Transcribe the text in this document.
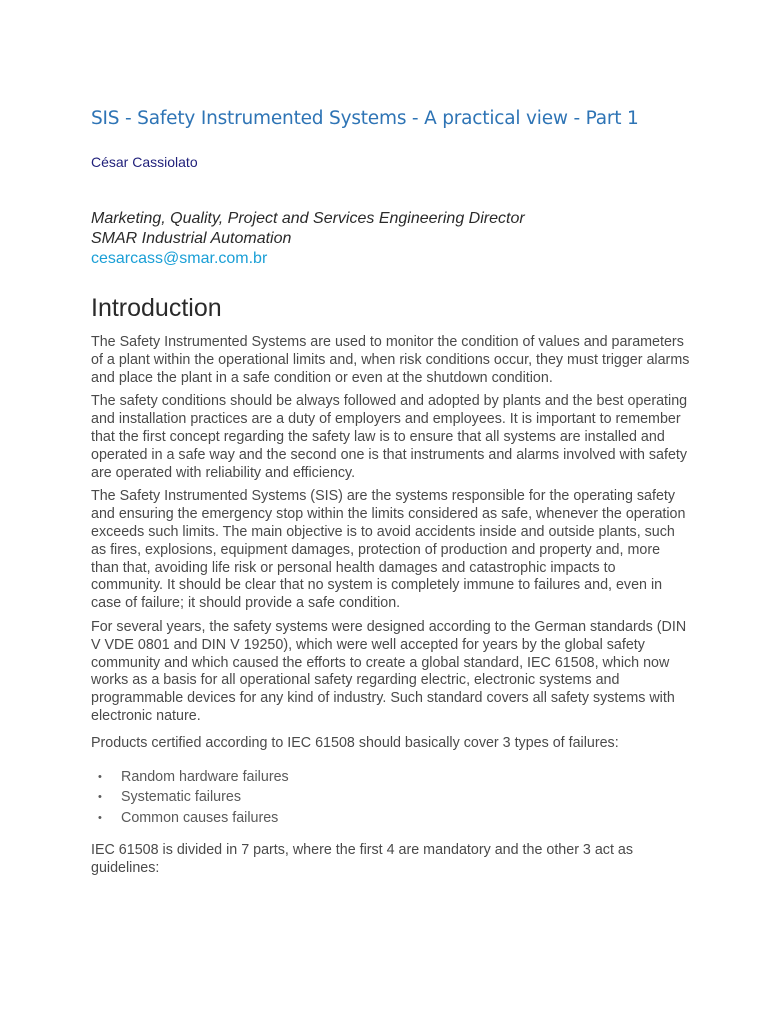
SIS - Safety Instrumented Systems - A practical view - Part 1

César Cassiolato

Marketing, Quality, Project and Services Engineering Director
SMAR Industrial Automation

cesarcass@smar.com.br
Introduction

The Safety Instrumented Systems are used to monitor the condition of values and parameters of a plant within the operational limits and, when risk conditions occur, they must trigger alarms and place the plant in a safe condition or even at the shutdown condition.

The safety conditions should be always followed and adopted by plants and the best operating and installation practices are a duty of employers and employees. It is important to remember that the first concept regarding the safety law is to ensure that all systems are installed and operated in a safe way and the second one is that instruments and alarms involved with safety are operated with reliability and efficiency.

The Safety Instrumented Systems (SIS) are the systems responsible for the operating safety and ensuring the emergency stop within the limits considered as safe, whenever the operation exceeds such limits. The main objective is to avoid accidents inside and outside plants, such as fires, explosions, equipment damages, protection of production and property and, more than that, avoiding life risk or personal health damages and catastrophic impacts to community. It should be clear that no system is completely immune to failures and, even in case of failure; it should provide a safe condition.

For several years, the safety systems were designed according to the German standards (DIN V VDE 0801 and DIN V 19250), which were well accepted for years by the global safety community and which caused the efforts to create a global standard, IEC 61508, which now works as a basis for all operational safety regarding electric, electronic systems and programmable devices for any kind of industry. Such standard covers all safety systems with electronic nature.

Products certified according to IEC 61508 should basically cover 3 types of failures:

• Random hardware failures
• Systematic failures
• Common causes failures

IEC 61508 is divided in 7 parts, where the first 4 are mandatory and the other 3 act as guidelines:
